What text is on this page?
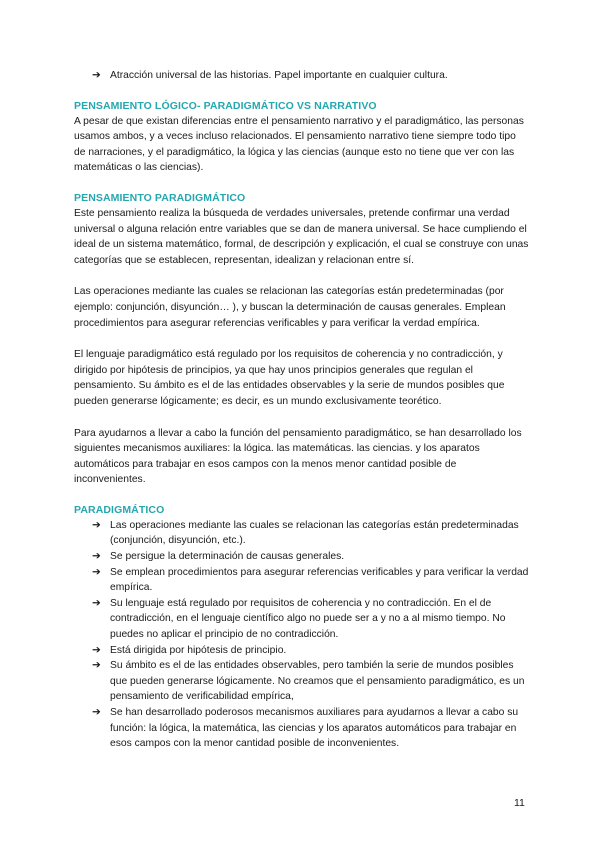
➔ Atracción universal de las historias. Papel importante en cualquier cultura.
PENSAMIENTO LÓGICO- PARADIGMÁTICO VS NARRATIVO

A pesar de que existan diferencias entre el pensamiento narrativo y el paradigmático, las personas usamos ambos, y a veces incluso relacionados. El pensamiento narrativo tiene siempre todo tipo de narraciones, y el paradigmático, la lógica y las ciencias (aunque esto no tiene que ver con las matemáticas o las ciencias).

PENSAMIENTO PARADIGMÁTICO

Este pensamiento realiza la búsqueda de verdades universales, pretende confirmar una verdad universal o alguna relación entre variables que se dan de manera universal. Se hace cumpliendo el ideal de un sistema matemático, formal, de descripción y explicación, el cual se construye con unas categorías que se establecen, representan, idealizan y relacionan entre sí.

Las operaciones mediante las cuales se relacionan las categorías están predeterminadas (por ejemplo: conjunción, disyunción… ), y buscan la determinación de causas generales. Emplean procedimientos para asegurar referencias verificables y para verificar la verdad empírica.

El lenguaje paradigmático está regulado por los requisitos de coherencia y no contradicción, y dirigido por hipótesis de principios, ya que hay unos principios generales que regulan el pensamiento. Su ámbito es el de las entidades observables y la serie de mundos posibles que pueden generarse lógicamente; es decir, es un mundo exclusivamente teorético.

Para ayudarnos a llevar a cabo la función del pensamiento paradigmático, se han desarrollado los siguientes mecanismos auxiliares: la lógica. las matemáticas. las ciencias. y los aparatos automáticos para trabajar en esos campos con la menos menor cantidad posible de inconvenientes.

PARADIGMÁTICO
➔ Las operaciones mediante las cuales se relacionan las categorías están predeterminadas (conjunción, disyunción, etc.).
➔ Se persigue la determinación de causas generales.
➔ Se emplean procedimientos para asegurar referencias verificables y para verificar la verdad empírica.
➔ Su lenguaje está regulado por requisitos de coherencia y no contradicción. En el de contradicción, en el lenguaje científico algo no puede ser a y no a al mismo tiempo. No puedes no aplicar el principio de no contradicción.
➔ Está dirigida por hipótesis de principio.
➔ Su ámbito es el de las entidades observables, pero también la serie de mundos posibles que pueden generarse lógicamente. No creamos que el pensamiento paradigmático, es un pensamiento de verificabilidad empírica,
➔ Se han desarrollado poderosos mecanismos auxiliares para ayudarnos a llevar a cabo su función: la lógica, la matemática, las ciencias y los aparatos automáticos para trabajar en esos campos con la menor cantidad posible de inconvenientes.
11
